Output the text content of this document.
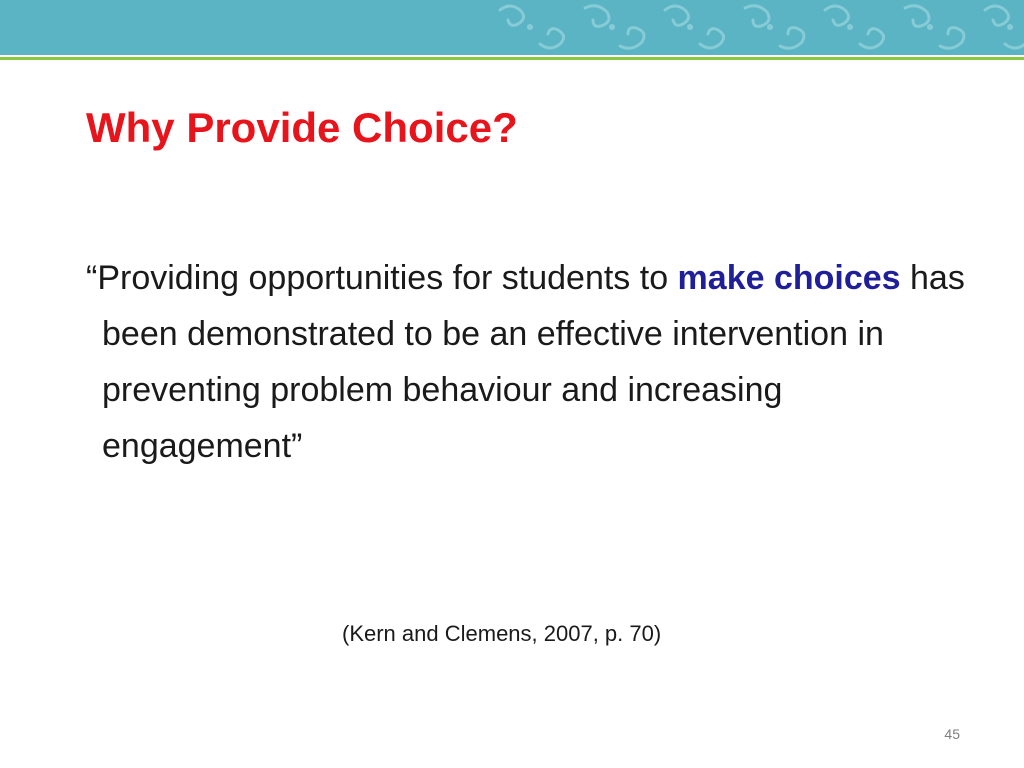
Why Provide Choice?

“Providing opportunities for students to make choices has been demonstrated to be an effective intervention in preventing problem behaviour and increasing engagement”

(Kern and Clemens, 2007, p. 70)

45
